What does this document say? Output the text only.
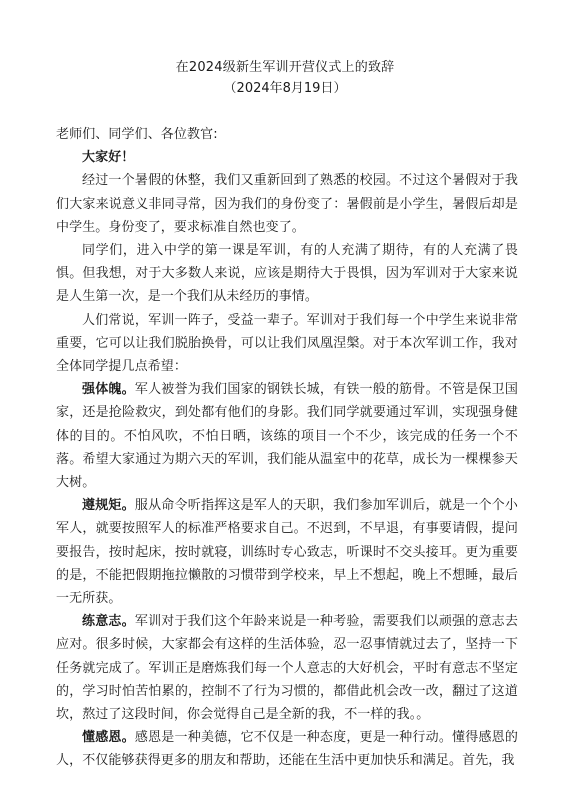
在2024级新生军训开营仪式上的致辞
（2024年8月19日）

老师们、同学们、各位教官:

大家好！

经过一个暑假的休整，我们又重新回到了熟悉的校园。不过这个暑假对于我们大家来说意义非同寻常，因为我们的身份变了：暑假前是小学生，暑假后却是中学生。身份变了，要求标准自然也变了。

同学们，进入中学的第一课是军训，有的人充满了期待，有的人充满了畏惧。但我想，对于大多数人来说，应该是期待大于畏惧，因为军训对于大家来说是人生第一次，是一个我们从未经历的事情。

人们常说，军训一阵子，受益一辈子。军训对于我们每一个中学生来说非常重要，它可以让我们脱胎换骨，可以让我们凤凰涅槃。对于本次军训工作，我对全体同学提几点希望：

强体魄。军人被誉为我们国家的钢铁长城，有铁一般的筋骨。不管是保卫国家，还是抢险救灾，到处都有他们的身影。我们同学就要通过军训，实现强身健体的目的。不怕风吹，不怕日晒，该练的项目一个不少，该完成的任务一个不落。希望大家通过为期六天的军训，我们能从温室中的花草，成长为一棵棵参天大树。

遵规矩。服从命令听指挥这是军人的天职，我们参加军训后，就是一个个小军人，就要按照军人的标准严格要求自己。不迟到，不早退，有事要请假，提问要报告，按时起床，按时就寝，训练时专心致志，听课时不交头接耳。更为重要的是，不能把假期拖拉懒散的习惯带到学校来，早上不想起，晚上不想睡，最后一无所获。

练意志。军训对于我们这个年龄来说是一种考验，需要我们以顽强的意志去应对。很多时候，大家都会有这样的生活体验，忍一忍事情就过去了，坚持一下任务就完成了。军训正是磨炼我们每一个人意志的大好机会，平时有意志不坚定的，学习时怕苦怕累的，控制不了行为习惯的，都借此机会改一改，翻过了这道坎，熬过了这段时间，你会觉得自己是全新的我，不一样的我。。

懂感恩。感恩是一种美德，它不仅是一种态度，更是一种行动。懂得感恩的人，不仅能够获得更多的朋友和帮助，还能在生活中更加快乐和满足。首先，我
